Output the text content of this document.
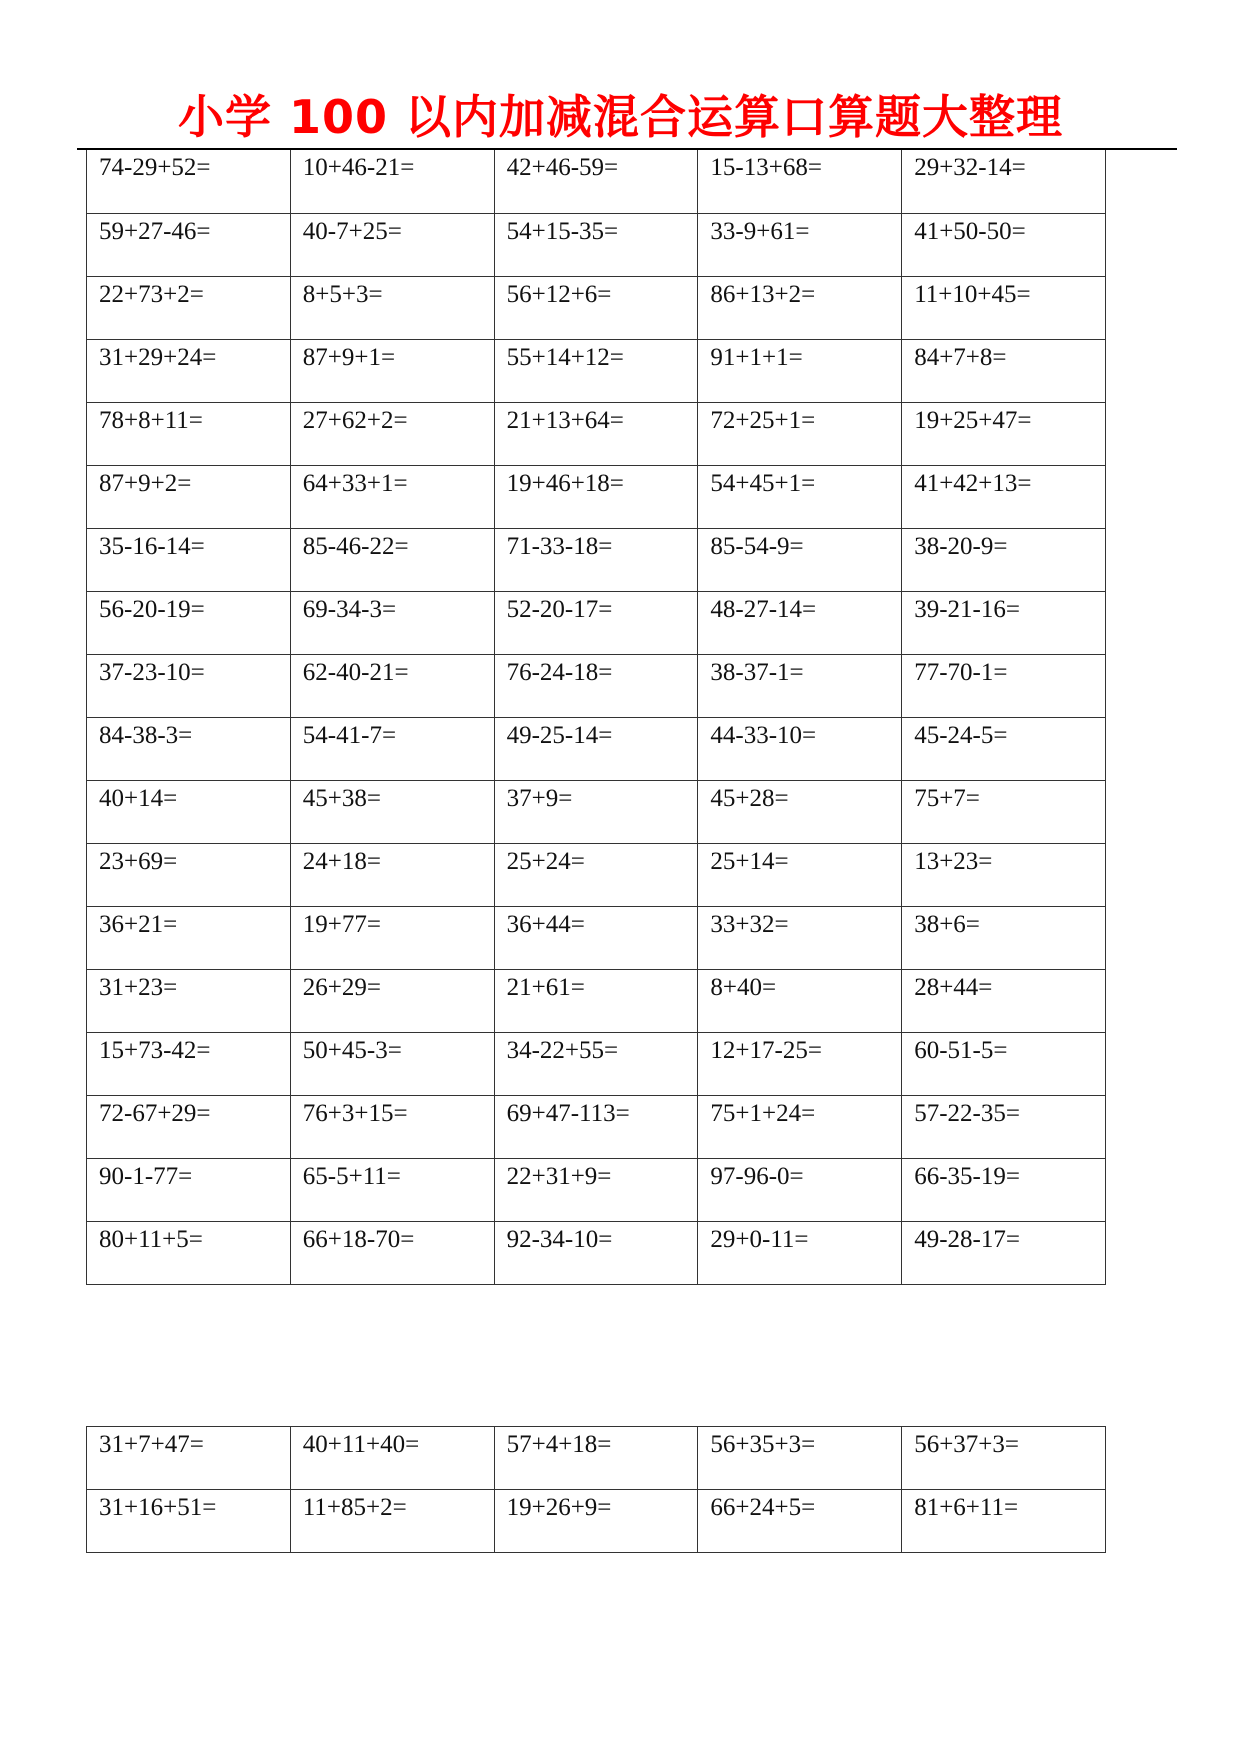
小学 100 以内加减混合运算口算题大整理
74-29+52=	10+46-21=	42+46-59=	15-13+68=	29+32-14=
59+27-46=	40-7+25=	54+15-35=	33-9+61=	41+50-50=
22+73+2=	8+5+3=	56+12+6=	86+13+2=	11+10+45=
31+29+24=	87+9+1=	55+14+12=	91+1+1=	84+7+8=
78+8+11=	27+62+2=	21+13+64=	72+25+1=	19+25+47=
87+9+2=	64+33+1=	19+46+18=	54+45+1=	41+42+13=
35-16-14=	85-46-22=	71-33-18=	85-54-9=	38-20-9=
56-20-19=	69-34-3=	52-20-17=	48-27-14=	39-21-16=
37-23-10=	62-40-21=	76-24-18=	38-37-1=	77-70-1=
84-38-3=	54-41-7=	49-25-14=	44-33-10=	45-24-5=
40+14=	45+38=	37+9=	45+28=	75+7=
23+69=	24+18=	25+24=	25+14=	13+23=
36+21=	19+77=	36+44=	33+32=	38+6=
31+23=	26+29=	21+61=	8+40=	28+44=
15+73-42=	50+45-3=	34-22+55=	12+17-25=	60-51-5=
72-67+29=	76+3+15=	69+47-113=	75+1+24=	57-22-35=
90-1-77=	65-5+11=	22+31+9=	97-96-0=	66-35-19=
80+11+5=	66+18-70=	92-34-10=	29+0-11=	49-28-17=
31+7+47=	40+11+40=	57+4+18=	56+35+3=	56+37+3=
31+16+51=	11+85+2=	19+26+9=	66+24+5=	81+6+11=
